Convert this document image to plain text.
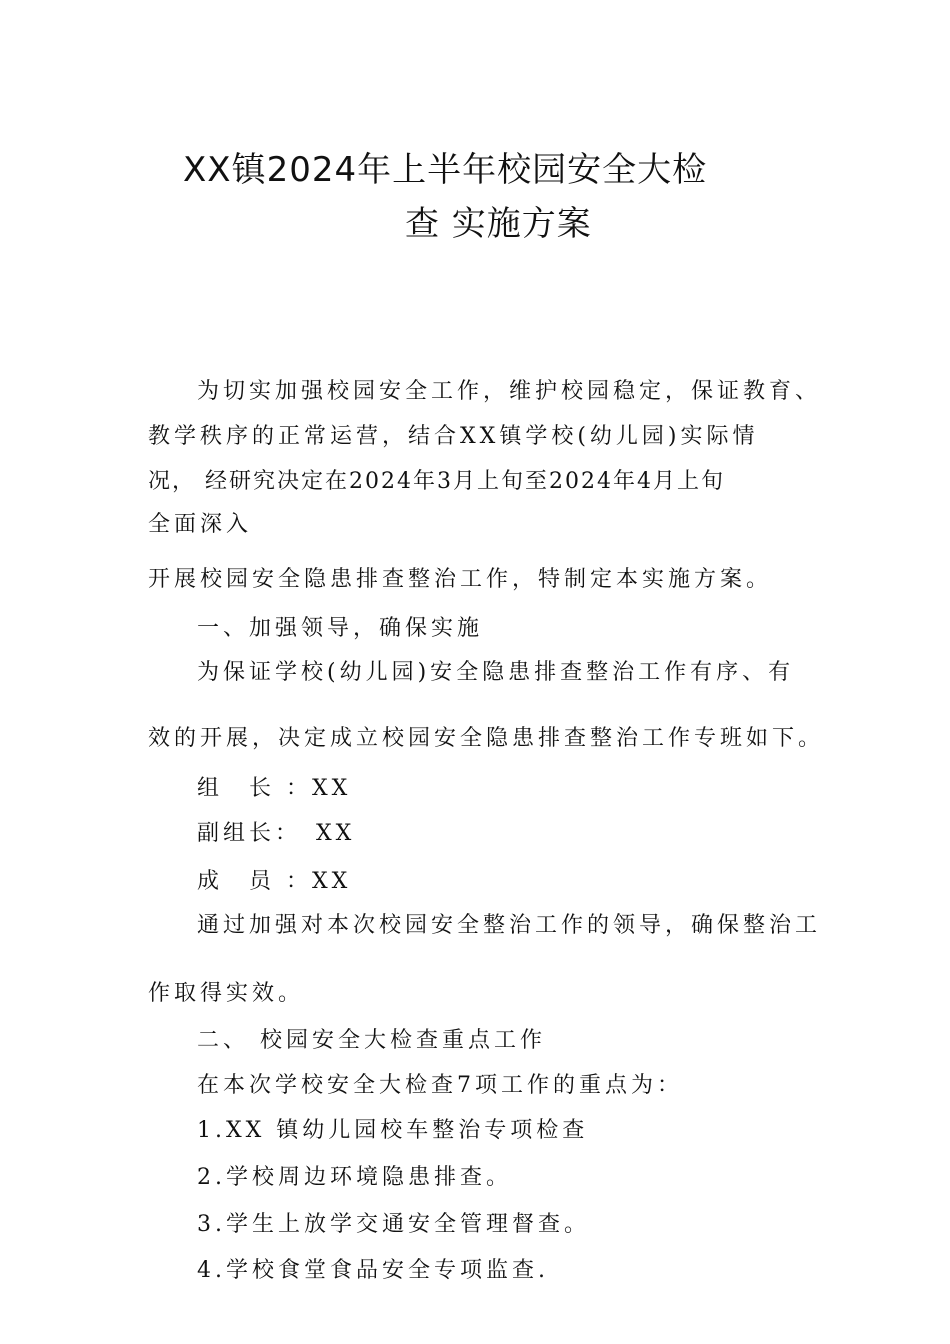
XX镇2024年上半年校园安全大检

查 实施方案

为切实加强校园安全工作，维护校园稳定，保证教育、

教学秩序的正常运营，结合XX镇学校(幼儿园)实际情

况， 经研究决定在2024年3月上旬至2024年4月上旬

全面深入

开展校园安全隐患排查整治工作，特制定本实施方案。

一、加强领导，确保实施

为保证学校(幼儿园)安全隐患排查整治工作有序、有

效的开展，决定成立校园安全隐患排查整治工作专班如下。

组　长 ：XX

副组长：　XX

成　员 ：XX

通过加强对本次校园安全整治工作的领导，确保整治工

作取得实效。

二、 校园安全大检查重点工作

在本次学校安全大检查7项工作的重点为：

1.XX 镇幼儿园校车整治专项检查

2.学校周边环境隐患排查。

3.学生上放学交通安全管理督查。

4.学校食堂食品安全专项监查.
